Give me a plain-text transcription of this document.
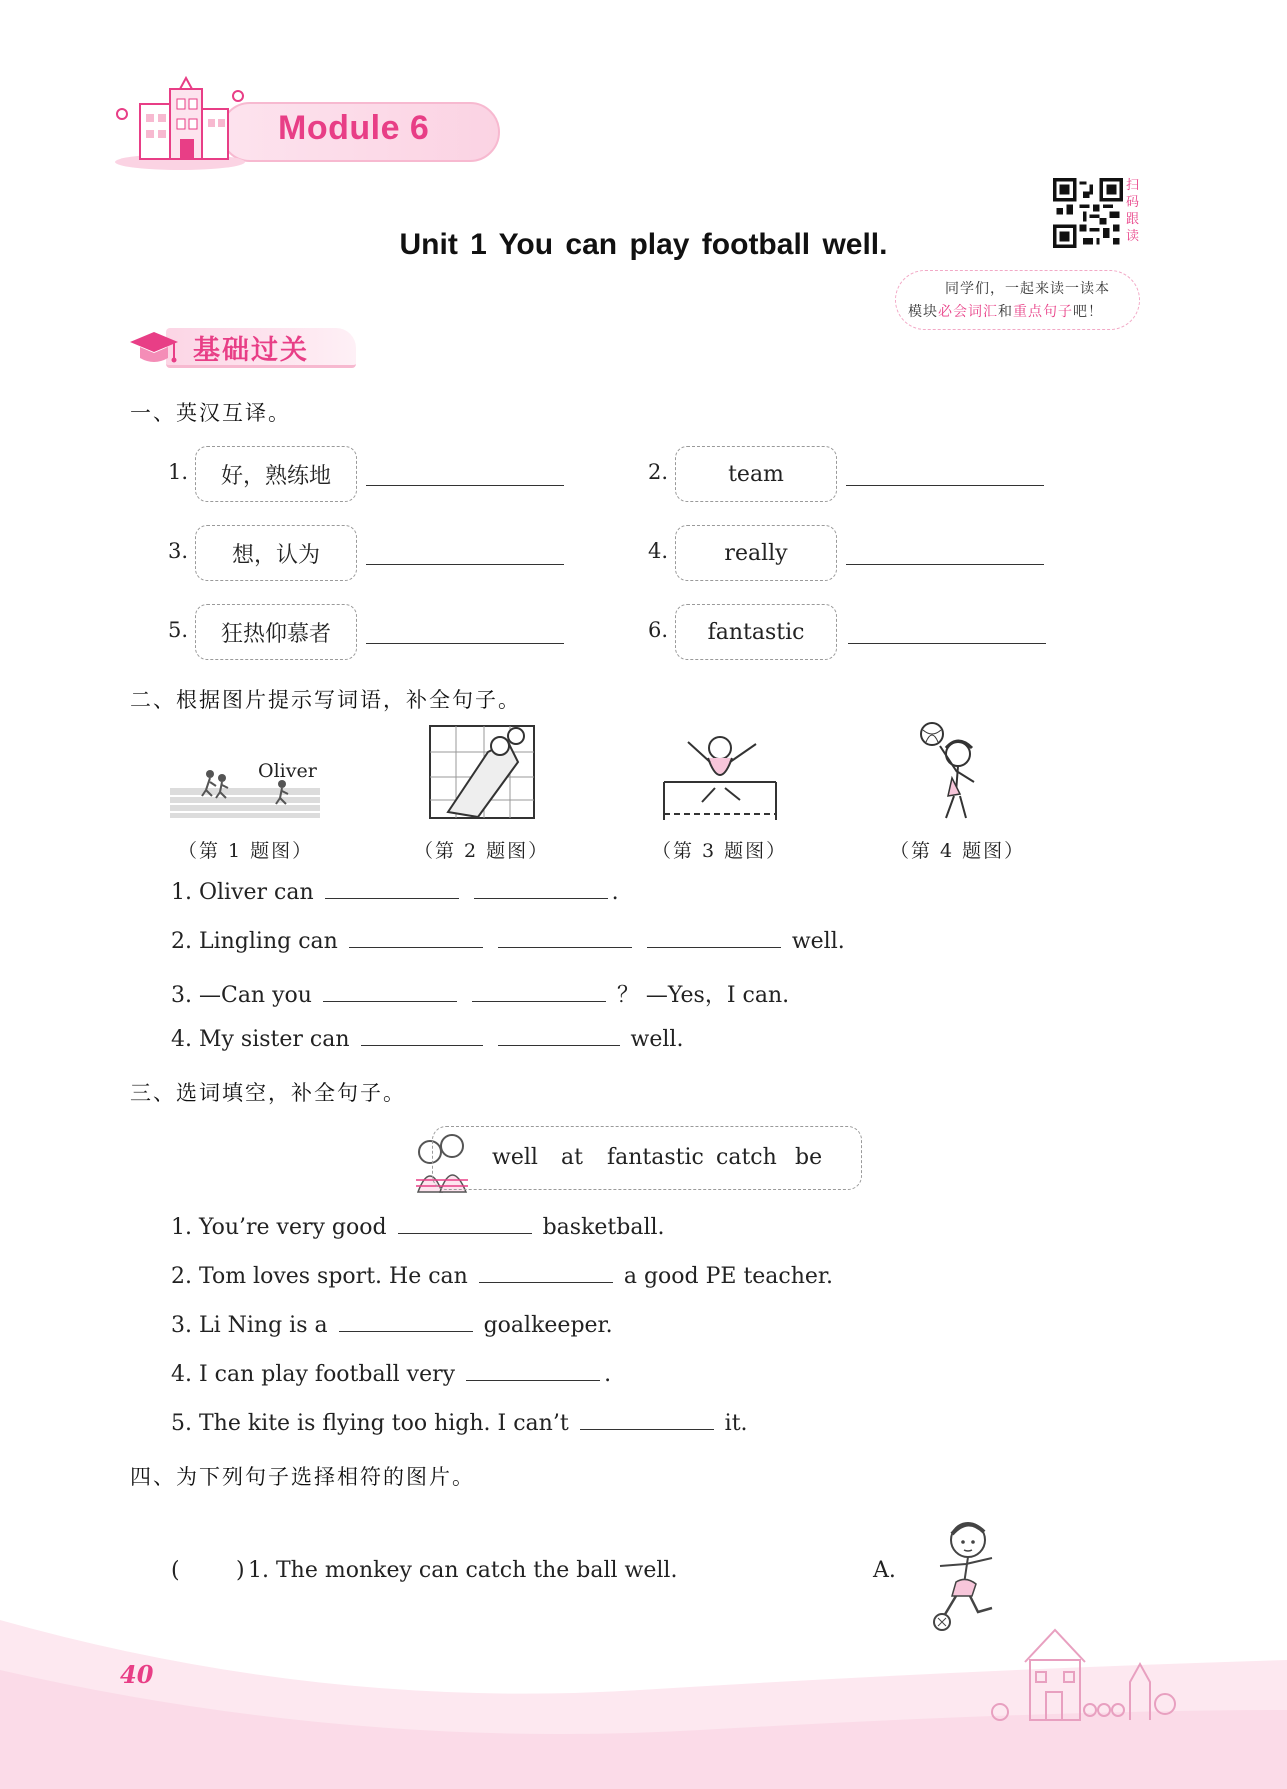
Module 6
Unit 1 You can play football well.
扫
码
跟
读
同学们，一起来读一读本
模块必会词汇和重点句子吧！
基础过关
一、英汉互译。
1.	好，熟练地	2.	team
3.	想，认为	4.	really
5.	狂热仰慕者	6.	fantastic
二、根据图片提示写词语，补全句子。
Oliver
（第 1 题图）	（第 2 题图）	（第 3 题图）	（第 4 题图）
1. Oliver can	.
2. Lingling can	well.
3. —Can you	？ —Yes，I can.
4. My sister can	well.
三、选词填空，补全句子。
well at fantastic catch be
1. You’re very good	basketball.
2. Tom loves sport. He can	a good PE teacher.
3. Li Ning is a	goalkeeper.
4. I can play football very	.
5. The kite is flying too high. I can’t	it.
四、为下列句子选择相符的图片。
(	) 1. The monkey can catch the ball well.	A.
40
